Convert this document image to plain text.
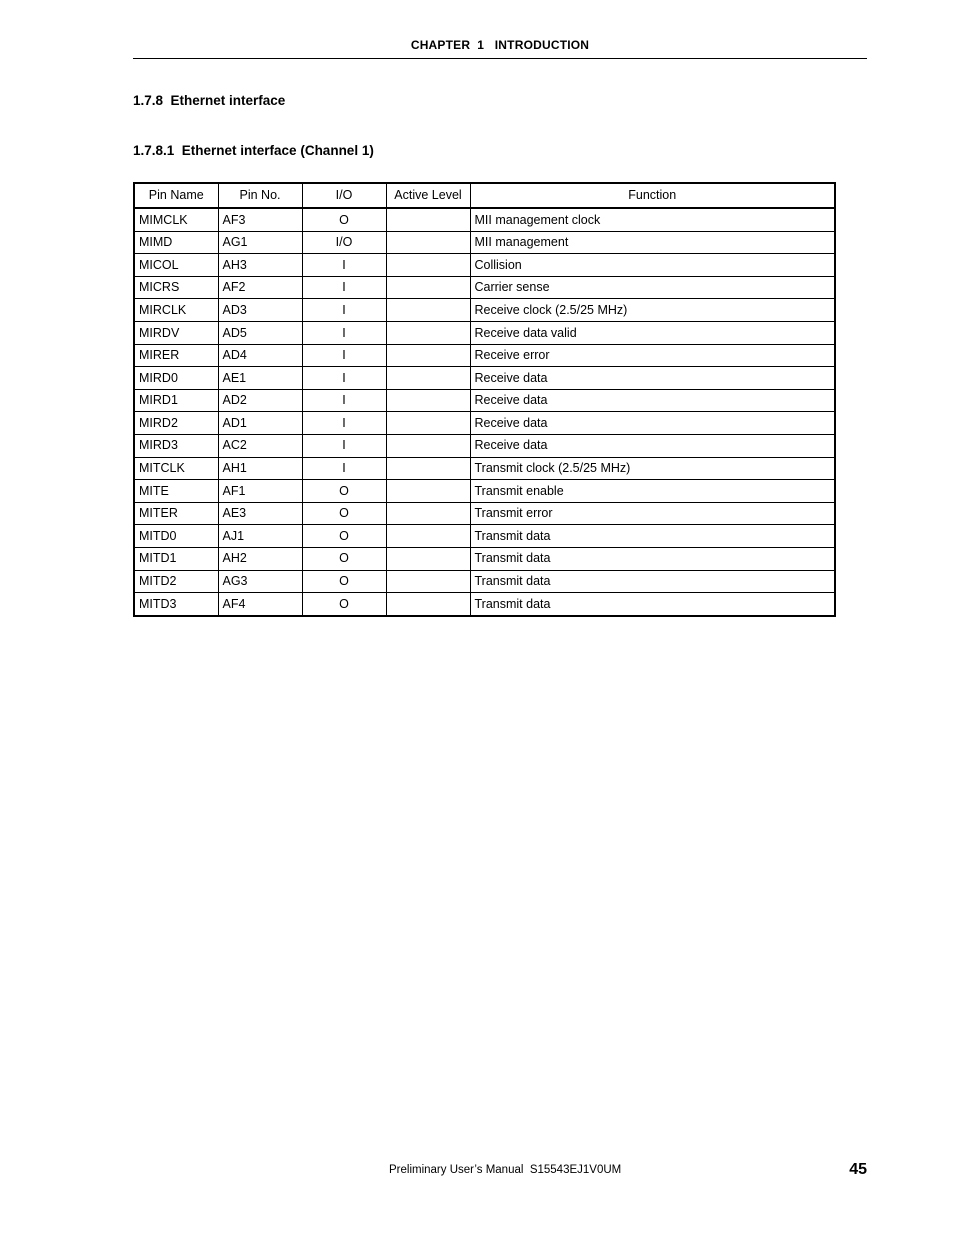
CHAPTER  1   INTRODUCTION
1.7.8  Ethernet interface
1.7.8.1  Ethernet interface (Channel 1)
Pin Name	Pin No.	I/O	Active Level	Function
MIMCLK	AF3	O		MII management clock
MIMD	AG1	I/O		MII management
MICOL	AH3	I		Collision
MICRS	AF2	I		Carrier sense
MIRCLK	AD3	I		Receive clock (2.5/25 MHz)
MIRDV	AD5	I		Receive data valid
MIRER	AD4	I		Receive error
MIRD0	AE1	I		Receive data
MIRD1	AD2	I		Receive data
MIRD2	AD1	I		Receive data
MIRD3	AC2	I		Receive data
MITCLK	AH1	I		Transmit clock (2.5/25 MHz)
MITE	AF1	O		Transmit enable
MITER	AE3	O		Transmit error
MITD0	AJ1	O		Transmit data
MITD1	AH2	O		Transmit data
MITD2	AG3	O		Transmit data
MITD3	AF4	O		Transmit data
Preliminary User’s Manual  S15543EJ1V0UM	45
